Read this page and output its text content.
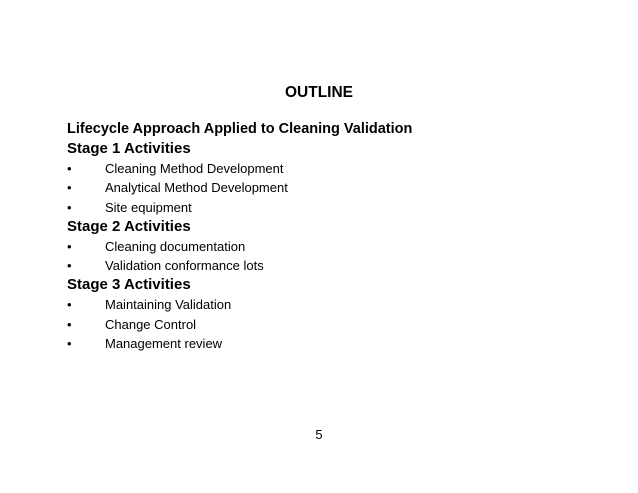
OUTLINE
Lifecycle Approach Applied to Cleaning Validation
Stage 1 Activities
•	Cleaning Method Development
•	Analytical Method Development
•	Site equipment
Stage 2 Activities
•	Cleaning documentation
•	Validation conformance lots
Stage 3 Activities
•	Maintaining Validation
•	Change Control
•	Management review
5
